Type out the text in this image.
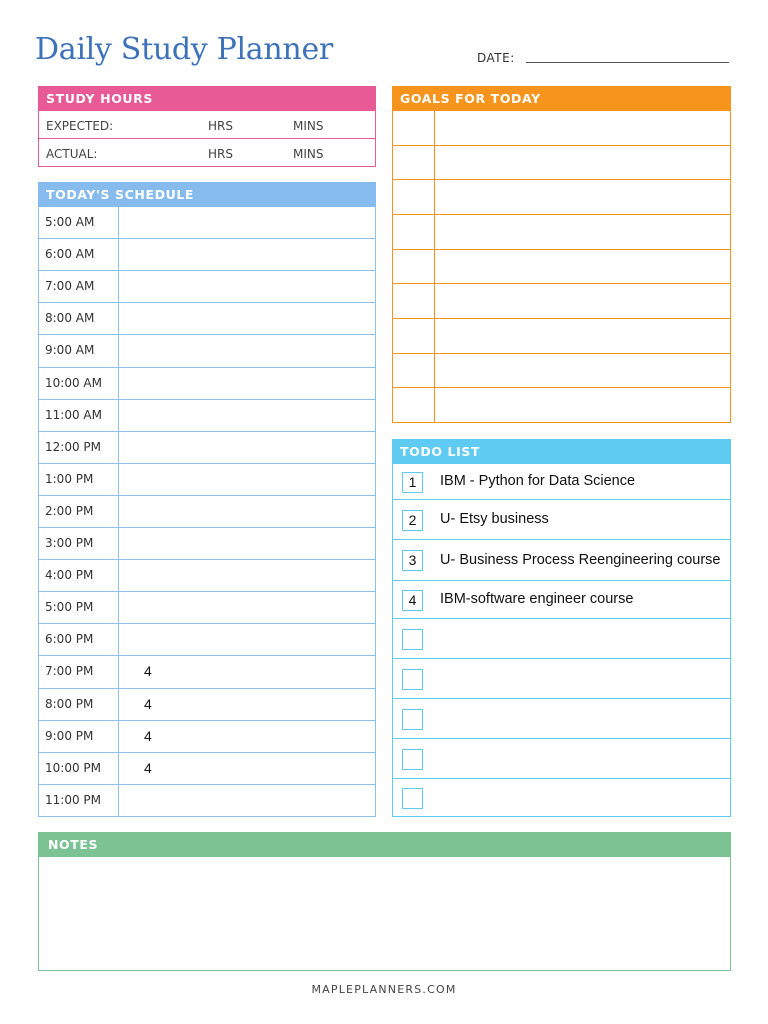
Daily Study Planner	DATE:
STUDY HOURS
EXPECTED:	HRS	MINS
ACTUAL:	HRS	MINS
TODAY'S SCHEDULE
5:00 AM
6:00 AM
7:00 AM
8:00 AM
9:00 AM
10:00 AM
11:00 AM
12:00 PM
1:00 PM
2:00 PM
3:00 PM
4:00 PM
5:00 PM
6:00 PM
7:00 PM	4
8:00 PM	4
9:00 PM	4
10:00 PM	4
11:00 PM
GOALS FOR TODAY
TODO LIST
1	IBM - Python for Data Science
2	U- Etsy business
3	U- Business Process Reengineering course
4	IBM-software engineer course
NOTES
MAPLEPLANNERS.COM
